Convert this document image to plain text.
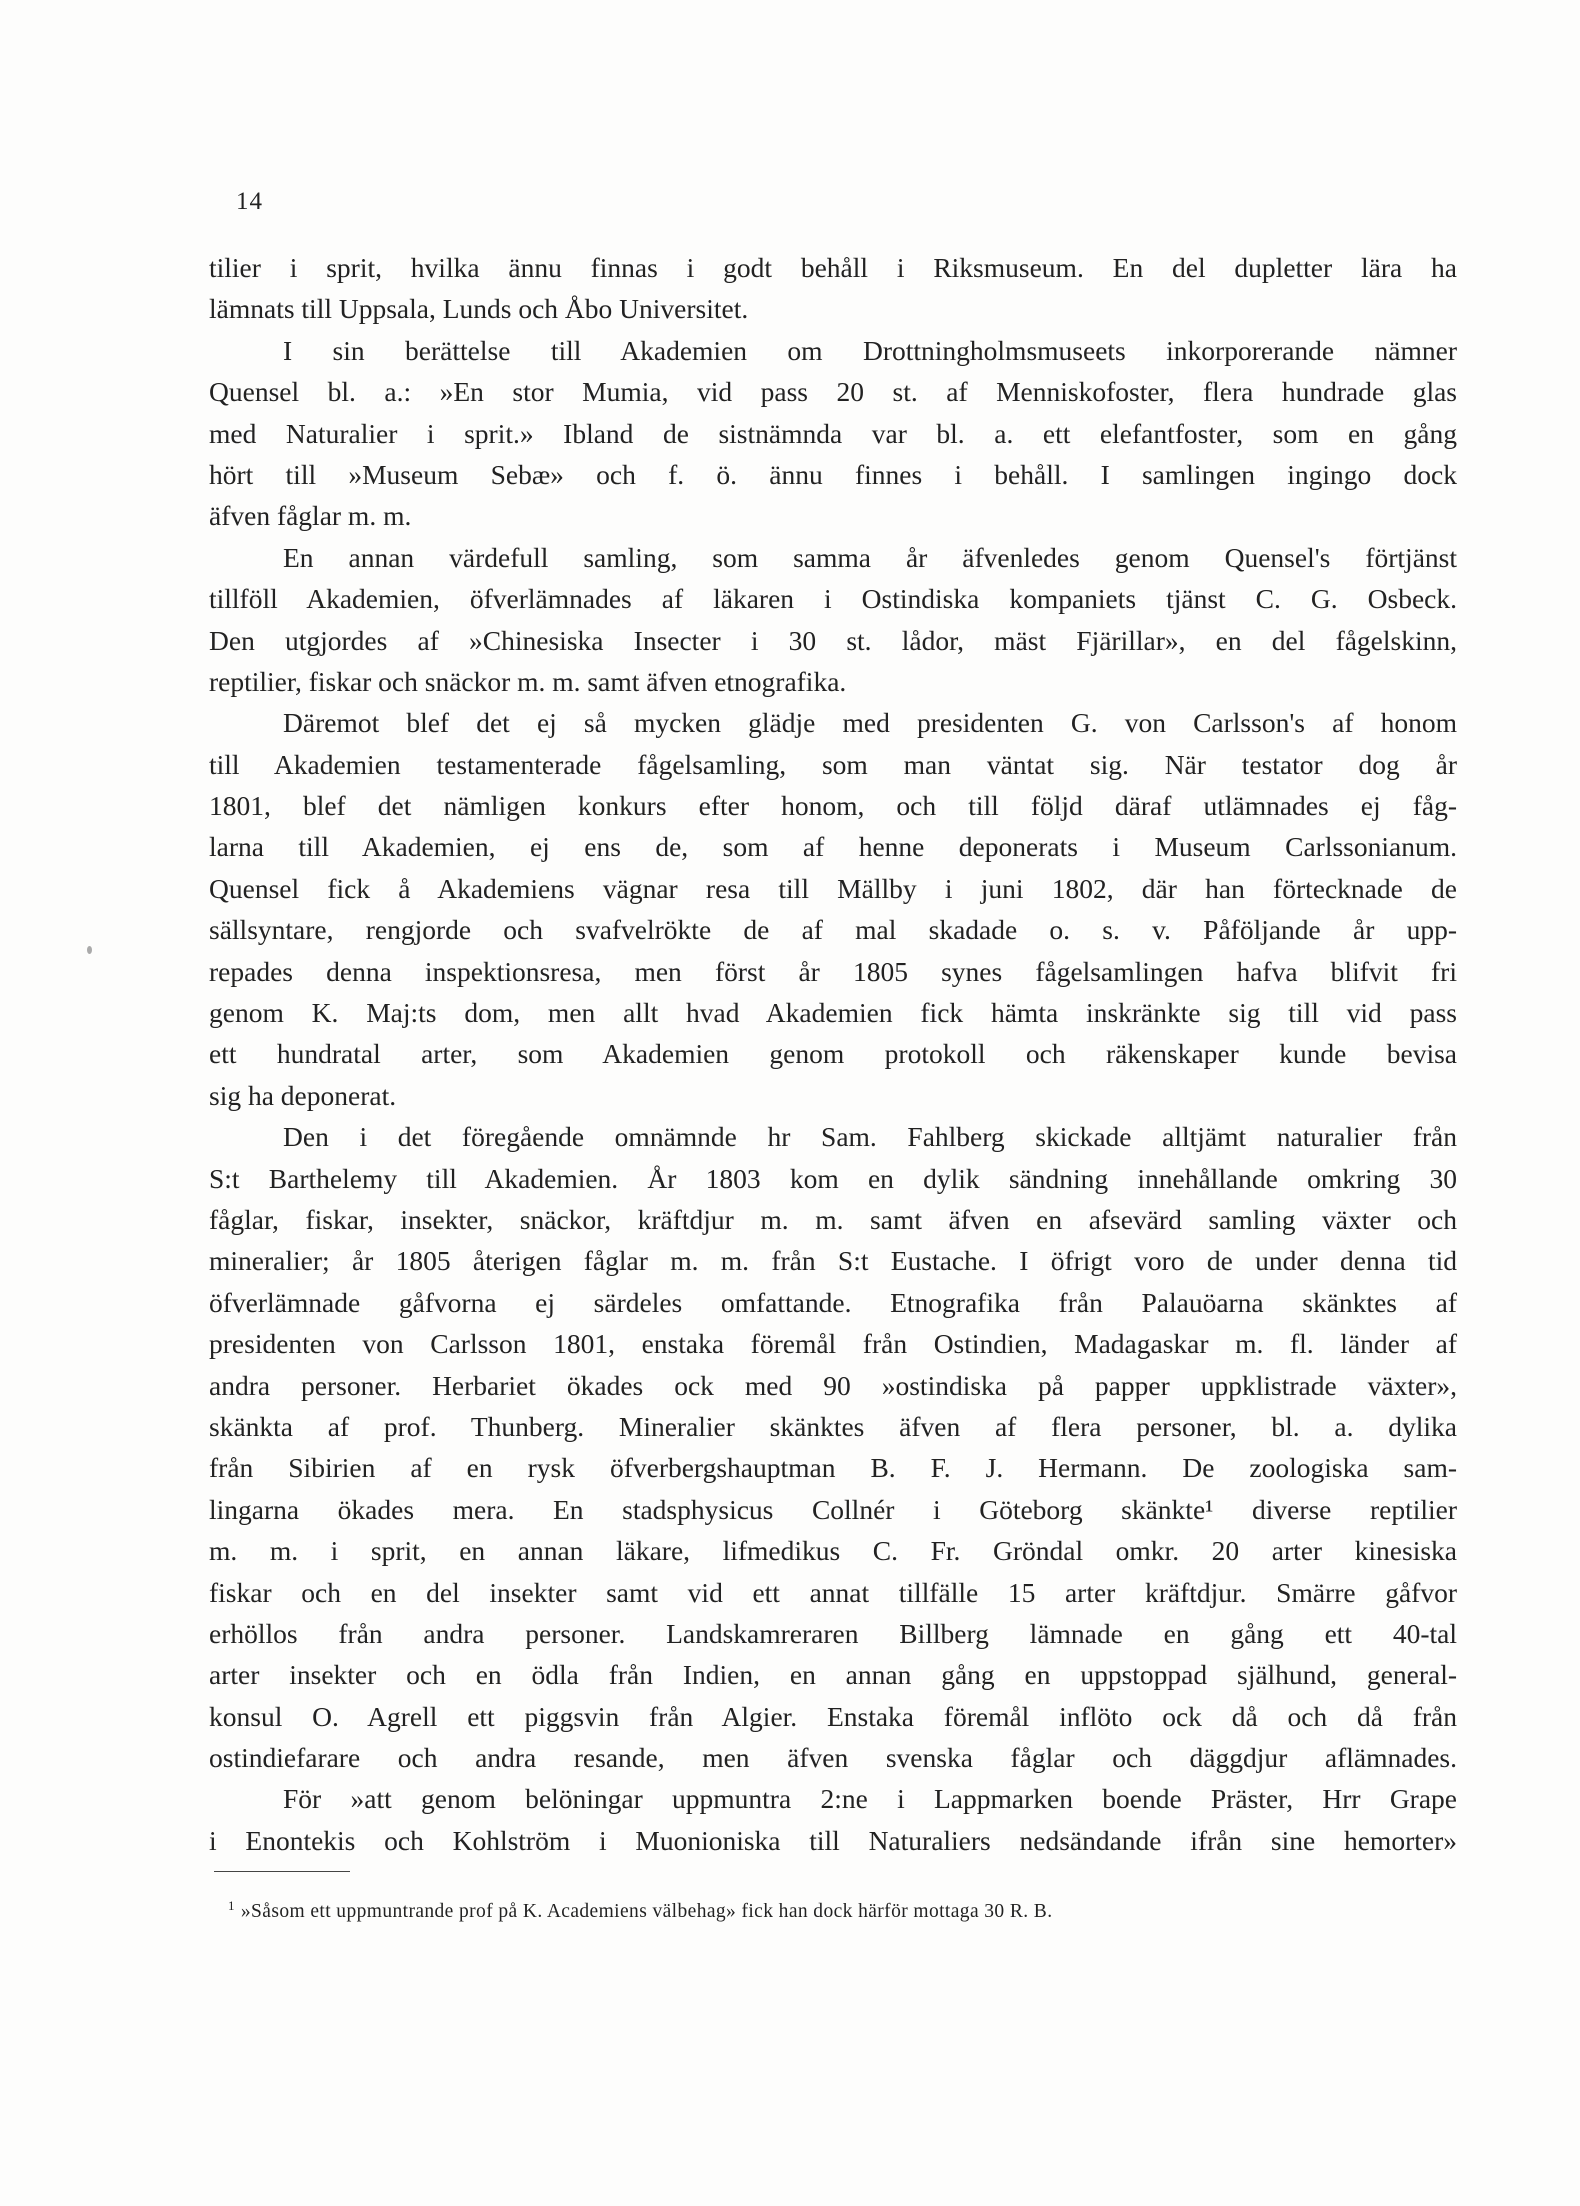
14
tilier i sprit, hvilka ännu finnas i godt behåll i Riksmuseum. En del dupletter lära ha
lämnats till Uppsala, Lunds och Åbo Universitet.
I sin berättelse till Akademien om Drottningholmsmuseets inkorporerande nämner
Quensel bl. a.: »En stor Mumia, vid pass 20 st. af Menniskofoster, flera hundrade glas
med Naturalier i sprit.» Ibland de sistnämnda var bl. a. ett elefantfoster, som en gång
hört till »Museum Sebæ» och f. ö. ännu finnes i behåll. I samlingen ingingo dock
äfven fåglar m. m.
En annan värdefull samling, som samma år äfvenledes genom Quensel's förtjänst
tillföll Akademien, öfverlämnades af läkaren i Ostindiska kompaniets tjänst C. G. Osbeck.
Den utgjordes af »Chinesiska Insecter i 30 st. lådor, mäst Fjärillar», en del fågelskinn,
reptilier, fiskar och snäckor m. m. samt äfven etnografika.
Däremot blef det ej så mycken glädje med presidenten G. von Carlsson's af honom
till Akademien testamenterade fågelsamling, som man väntat sig. När testator dog år
1801, blef det nämligen konkurs efter honom, och till följd däraf utlämnades ej fåg-
larna till Akademien, ej ens de, som af henne deponerats i Museum Carlssonianum.
Quensel fick å Akademiens vägnar resa till Mällby i juni 1802, där han förtecknade de
sällsyntare, rengjorde och svafvelrökte de af mal skadade o. s. v. Påföljande år upp-
repades denna inspektionsresa, men först år 1805 synes fågelsamlingen hafva blifvit fri
genom K. Maj:ts dom, men allt hvad Akademien fick hämta inskränkte sig till vid pass
ett hundratal arter, som Akademien genom protokoll och räkenskaper kunde bevisa
sig ha deponerat.
Den i det föregående omnämnde hr Sam. Fahlberg skickade alltjämt naturalier från
S:t Barthelemy till Akademien. År 1803 kom en dylik sändning innehållande omkring 30
fåglar, fiskar, insekter, snäckor, kräftdjur m. m. samt äfven en afsevärd samling växter och
mineralier; år 1805 återigen fåglar m. m. från S:t Eustache. I öfrigt voro de under denna tid
öfverlämnade gåfvorna ej särdeles omfattande. Etnografika från Palauöarna skänktes af
presidenten von Carlsson 1801, enstaka föremål från Ostindien, Madagaskar m. fl. länder af
andra personer. Herbariet ökades ock med 90 »ostindiska på papper uppklistrade växter»,
skänkta af prof. Thunberg. Mineralier skänktes äfven af flera personer, bl. a. dylika
från Sibirien af en rysk öfverbergshauptman B. F. J. Hermann. De zoologiska sam-
lingarna ökades mera. En stadsphysicus Collnér i Göteborg skänkte¹ diverse reptilier
m. m. i sprit, en annan läkare, lifmedikus C. Fr. Gröndal omkr. 20 arter kinesiska
fiskar och en del insekter samt vid ett annat tillfälle 15 arter kräftdjur. Smärre gåfvor
erhöllos från andra personer. Landskamreraren Billberg lämnade en gång ett 40-tal
arter insekter och en ödla från Indien, en annan gång en uppstoppad själhund, general-
konsul O. Agrell ett piggsvin från Algier. Enstaka föremål inflöto ock då och då från
ostindiefarare och andra resande, men äfven svenska fåglar och däggdjur aflämnades.
För »att genom belöningar uppmuntra 2:ne i Lappmarken boende Präster, Hrr Grape
i Enontekis och Kohlström i Muonioniska till Naturaliers nedsändande ifrån sine hemorter»
$^1$ »Såsom ett uppmuntrande prof på K. Academiens välbehag» fick han dock härför mottaga 30 R. B.
